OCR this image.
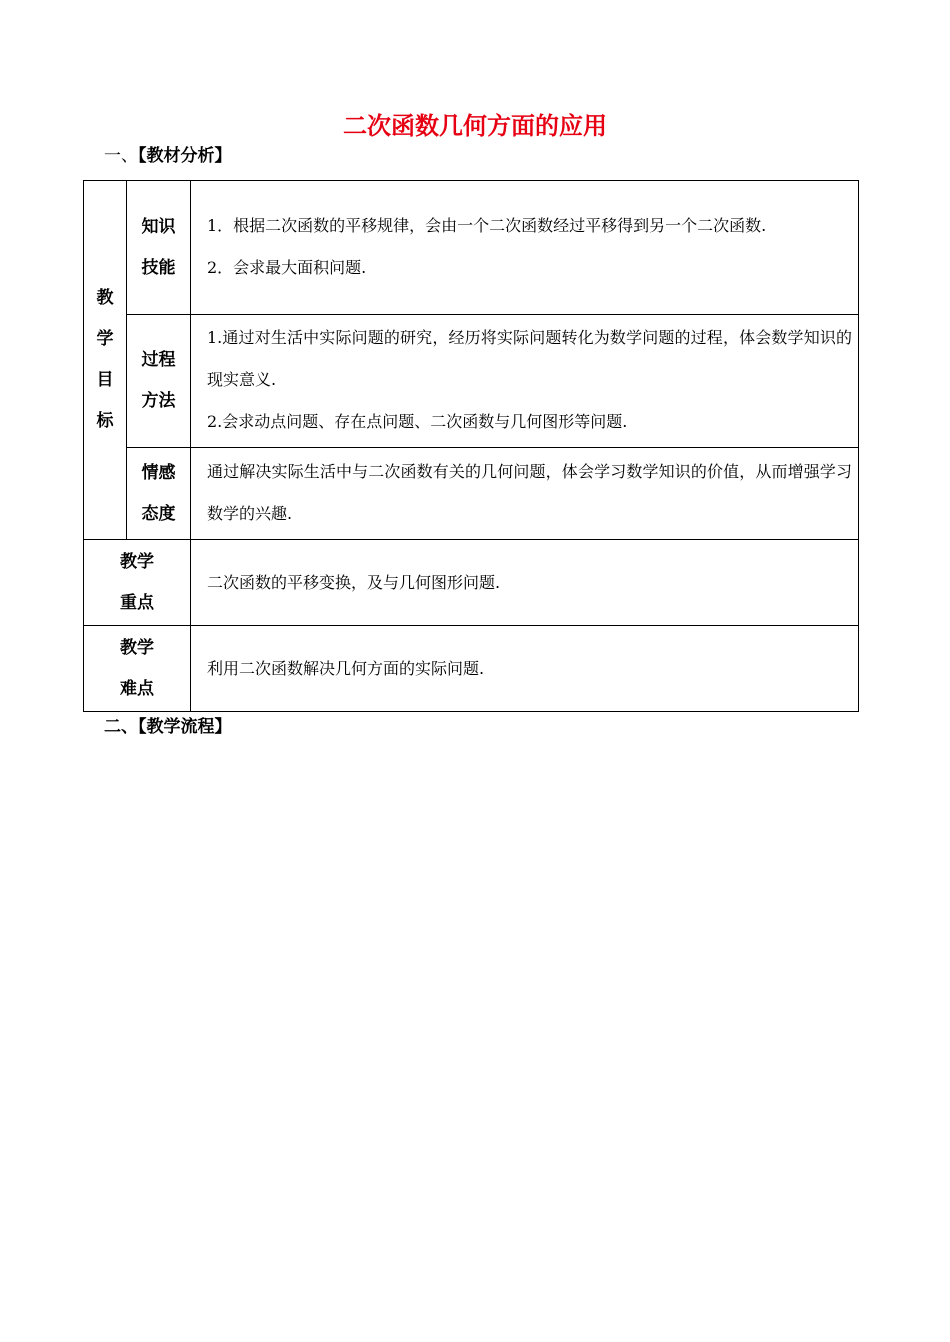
二次函数几何方面的应用
一、【教材分析】
教学目标	知识技能	1．根据二次函数的平移规律，会由一个二次函数经过平移得到另一个二次函数.

2．会求最大面积问题.

	过程方法	1.通过对生活中实际问题的研究，经历将实际问题转化为数学问题的过程，体会数学知识的现实意义.

2.会求动点问题、存在点问题、二次函数与几何图形等问题.

	情感态度	通过解决实际生活中与二次函数有关的几何问题，体会学习数学知识的价值，从而增强学习数学的兴趣.

教学重点		二次函数的平移变换，及与几何图形问题.

教学难点		利用二次函数解决几何方面的实际问题.
二、【教学流程】
